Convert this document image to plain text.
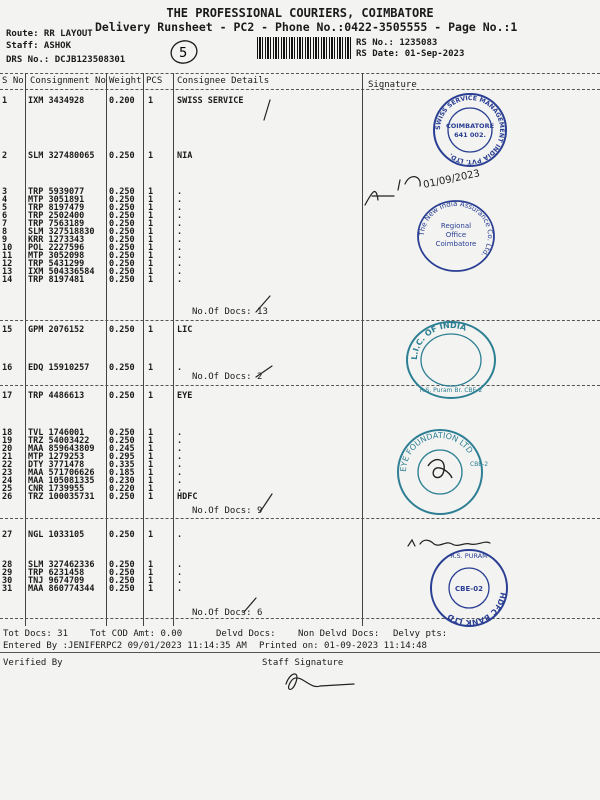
THE PROFESSIONAL COURIERS, COIMBATORE
Delivery Runsheet - PC2 - Phone No.:0422-3505555 - Page No.:1
Route: RR LAYOUT
Staff: ASHOK
DRS No.: DCJB123508301
RS No.: 1235083
RS Date: 01-Sep-2023
5
S No Consignment No Weight PCS Consignee Details	Signature
1 IXM 3434928	0.200 1	SWISS SERVICE
2 SLM 327480065 0.250 1	NIA
3 TRP 5939077	0.250 1	.
4 MTP 3051891	0.250 1	.
5 TRP 8197479	0.250 1	.
6 TRP 2502400	0.250 1	.
7 TRP 7563189	0.250 1	.
8 SLM 327518830 0.250 1	.
9 KRR 1273343	0.250 1	.
10 POL 2227596	0.250 1	.
11 MTP 3052098	0.250 1	.
12 TRP 5431299	0.250 1	.
13 IXM 504336584 0.250 1	.
14 TRP 8197481	0.250 1	.
15 GPM 2076152	0.250 1	LIC
16 EDQ 15910257 0.250 1	.
17 TRP 4486613	0.250 1	EYE
18 TVL 1746001	0.250 1	.
19 TRZ 54003422 0.250 1	.
20 MAA 859643809 0.245 1	.
21 MTP 1279253	0.295 1	.
22 DTY 3771478	0.335 1	.
23 MAA 571706626 0.185 1	.
24 MAA 105081335 0.230 1	.
25 CNR 1739955	0.220 1	.
26 TRZ 100035731 0.250 1	HDFC
27 NGL 1033105	0.250 1	.
28 SLM 327462336 0.250 1	.
29 TRP 6231458	0.250 1	.
30 TNJ 9674709	0.250 1	.
31 MAA 860774344 0.250 1	.
No.Of Docs: 13
No.Of Docs: 2
No.Of Docs: 9
No.Of Docs: 6
Tot Docs: 31 Tot COD Amt: 0.00	Delvd Docs: Non Delvd Docs: Delvy pts:
Entered By :JENIFERPC2 09/01/2023 11:14:35 AM Printed on: 01-09-2023 11:14:48
Verified By	Staff Signature
01/09/2023
SWISS SERVICE MANAGEMENT INDIA PVT. LTD.
COIMBATORE
641 002.
The New India Assurance Co. Ltd.
Regional
Office
Coimbatore
L.I.C. OF INDIA
R.S. Puram Br. CBE-2
EYE FOUNDATION LTD
CBE-2
HDFC BANK LTD
R.S. PURAM
CBE-02
